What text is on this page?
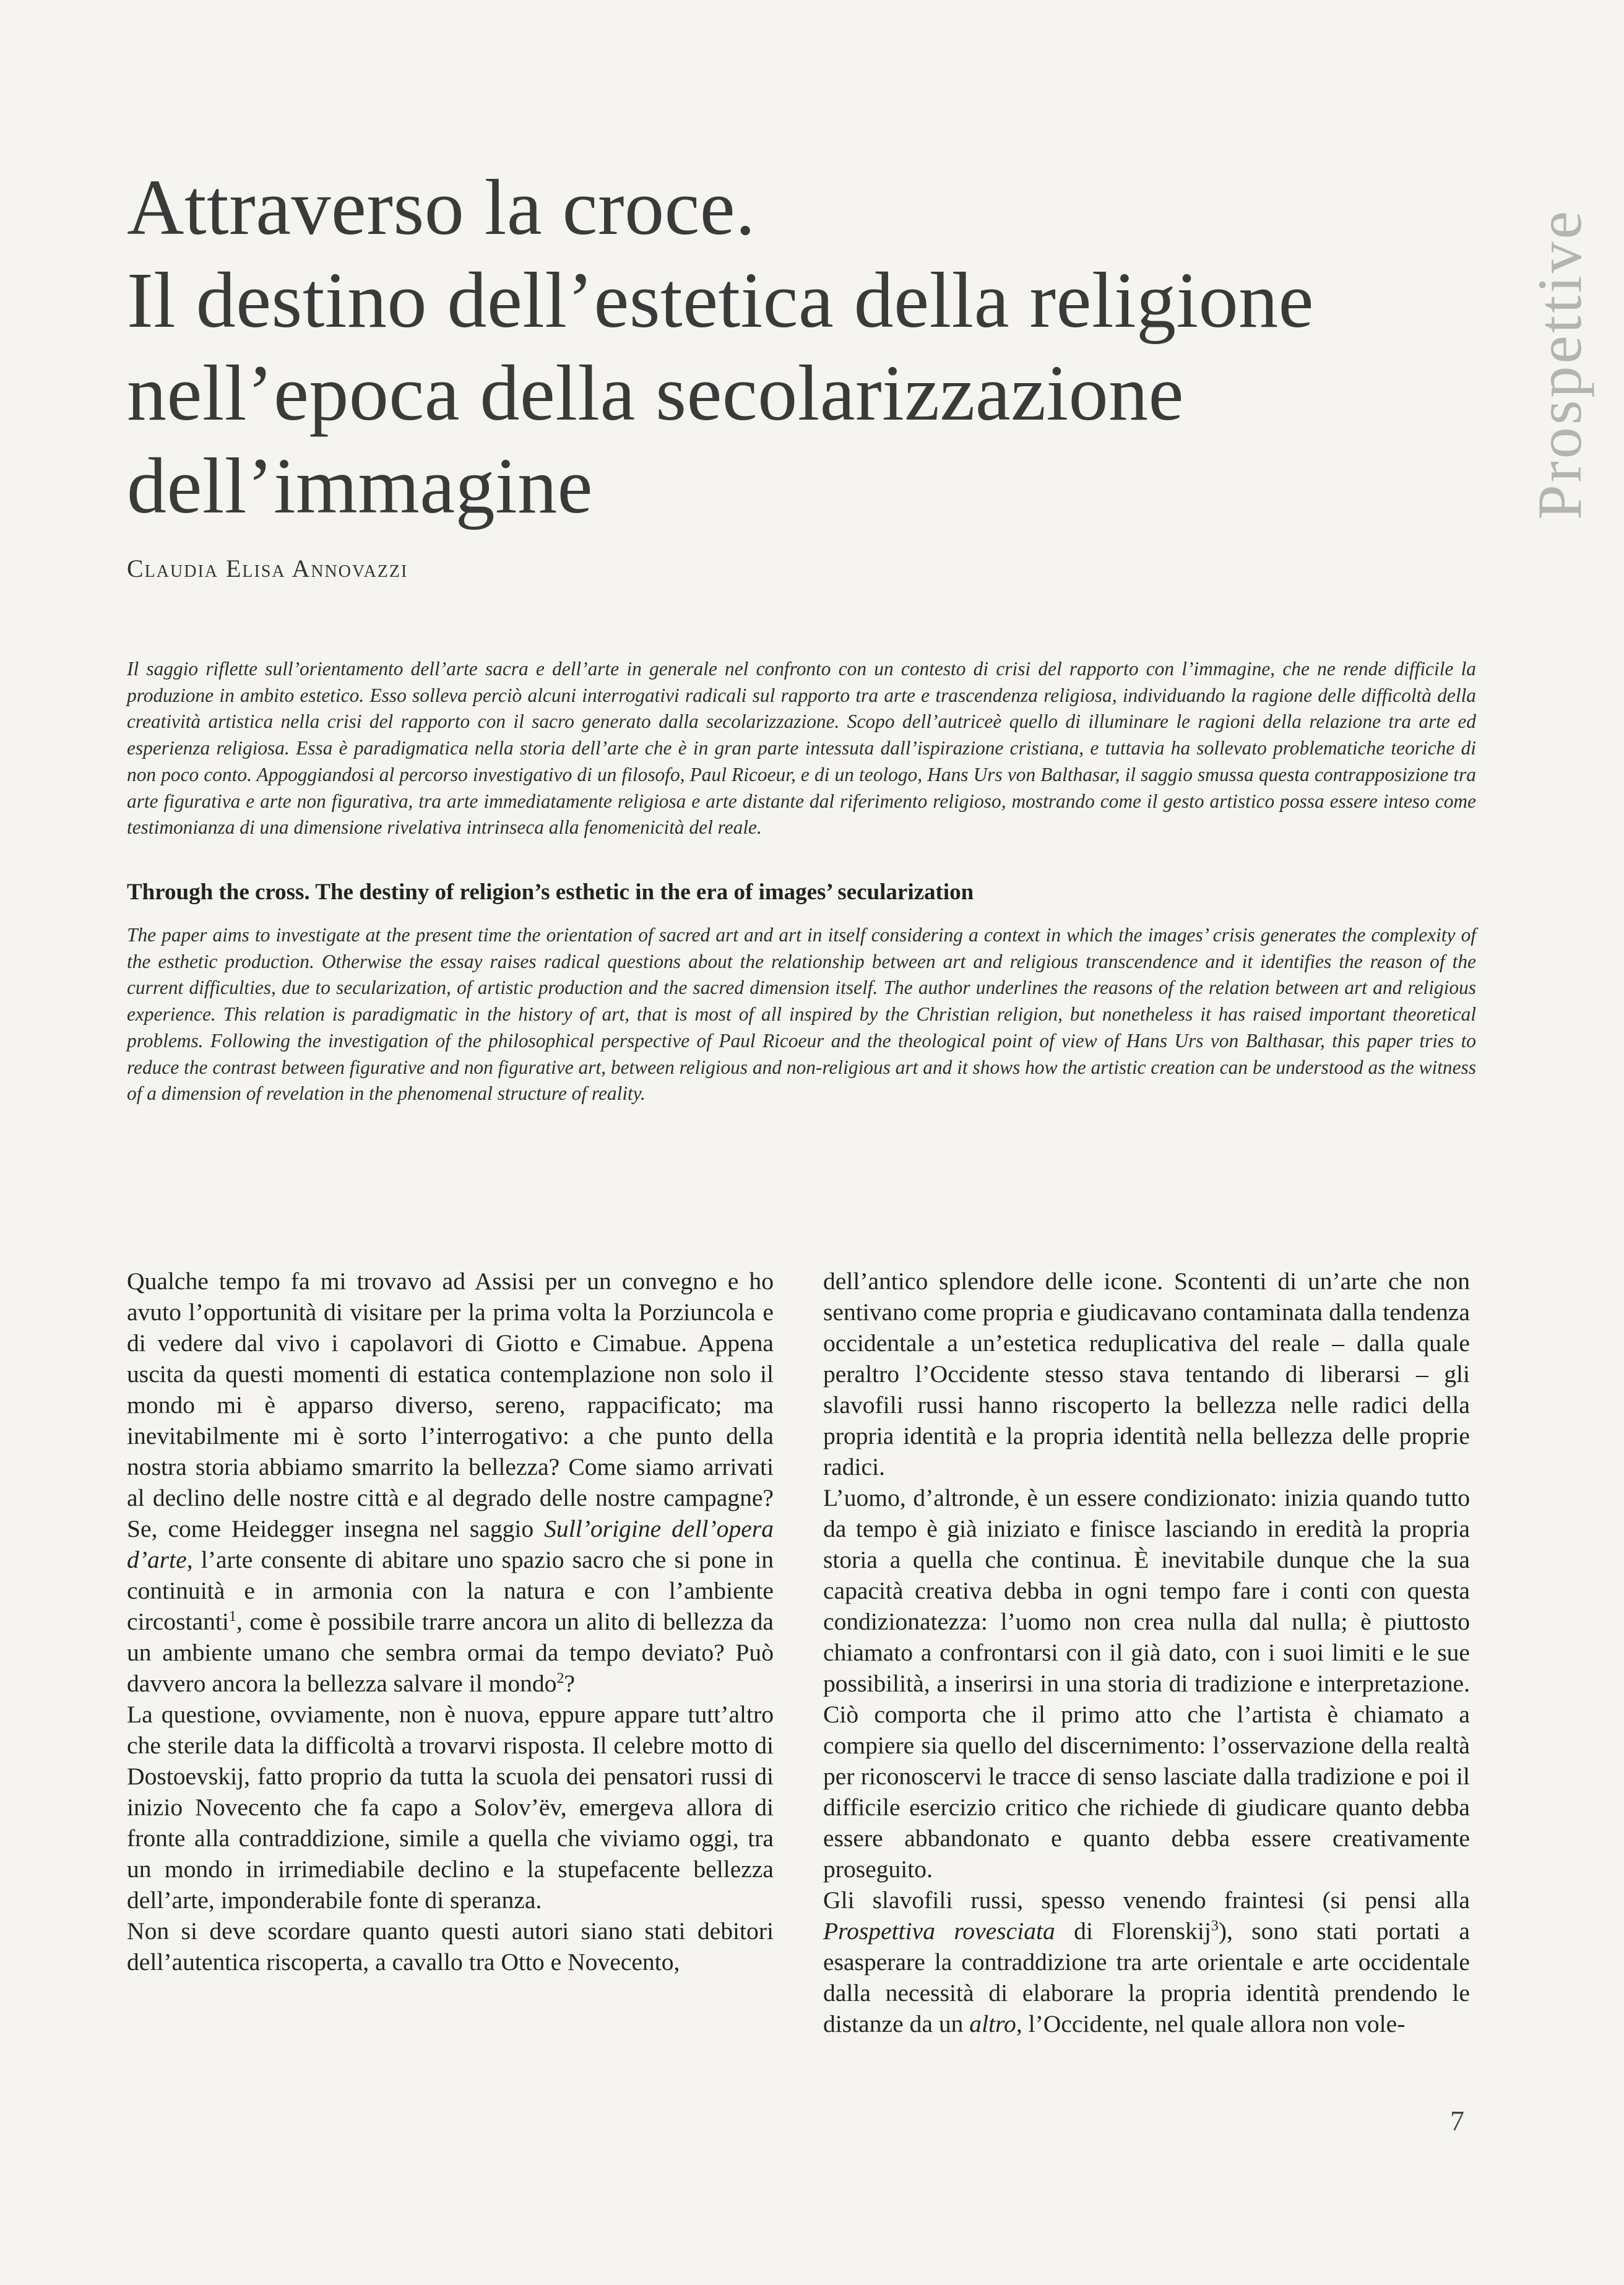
Attraverso la croce.
Il destino dell’estetica della religione
nell’epoca della secolarizzazione
dell’immagine	Prospettive

Claudia Elisa Annovazzi

Il saggio riflette sull’orientamento dell’arte sacra e dell’arte in generale nel confronto con un contesto di crisi del rapporto con l’immagine, che ne rende difficile la produzione in ambito estetico. Esso solleva perciò alcuni interrogativi radicali sul rapporto tra arte e trascendenza religiosa, individuando la ragione delle difficoltà della creatività artistica nella crisi del rapporto con il sacro generato dalla secolarizzazione. Scopo dell’autriceè quello di illuminare le ragioni della relazione tra arte ed esperienza religiosa. Essa è paradigmatica nella storia dell’arte che è in gran parte intessuta dall’ispirazione cristiana, e tuttavia ha sollevato problematiche teoriche di non poco conto. Appoggiandosi al percorso investigativo di un filosofo, Paul Ricoeur, e di un teologo, Hans Urs von Balthasar, il saggio smussa questa contrapposizione tra arte figurativa e arte non figurativa, tra arte immediatamente religiosa e arte distante dal riferimento religioso, mostrando come il gesto artistico possa essere inteso come testimonianza di una dimensione rivelativa intrinseca alla fenomenicità del reale.

Through the cross. The destiny of religion’s esthetic in the era of images’ secularization

The paper aims to investigate at the present time the orientation of sacred art and art in itself considering a context in which the images’ crisis generates the complexity of the esthetic production. Otherwise the essay raises radical questions about the relationship between art and religious transcendence and it identifies the reason of the current difficulties, due to secularization, of artistic production and the sacred dimension itself. The author underlines the reasons of the relation between art and religious experience. This relation is paradigmatic in the history of art, that is most of all inspired by the Christian religion, but nonetheless it has raised important theoretical problems. Following the investigation of the philosophical perspective of Paul Ricoeur and the theological point of view of Hans Urs von Balthasar, this paper tries to reduce the contrast between figurative and non figurative art, between religious and non-religious art and it shows how the artistic creation can be understood as the witness of a dimension of revelation in the phenomenal structure of reality.

Qualche tempo fa mi trovavo ad Assisi per un convegno e ho avuto l’opportunità di visitare per la prima volta la Porziuncola e di vedere dal vivo i capolavori di Giotto e Cimabue. Appena uscita da questi momenti di estatica contemplazione non solo il mondo mi è apparso diverso, sereno, rappacificato; ma inevitabilmente mi è sorto l’interrogativo: a che punto della nostra storia abbiamo smarrito la bellezza? Come siamo arrivati al declino delle nostre città e al degrado delle nostre campagne? Se, come Heidegger insegna nel saggio Sull’origine dell’opera d’arte, l’arte consente di abitare uno spazio sacro che si pone in continuità e in armonia con la natura e con l’ambiente circostanti$^1$, come è possibile trarre ancora un alito di bellezza da un ambiente umano che sembra ormai da tempo deviato? Può davvero ancora la bellezza salvare il mondo$^2$?

La questione, ovviamente, non è nuova, eppure appare tutt’altro che sterile data la difficoltà a trovarvi risposta. Il celebre motto di Dostoevskij, fatto proprio da tutta la scuola dei pensatori russi di inizio Novecento che fa capo a Solov’ëv, emergeva allora di fronte alla contraddizione, simile a quella che viviamo oggi, tra un mondo in irrimediabile declino e la stupefacente bellezza dell’arte, imponderabile fonte di speranza.

Non si deve scordare quanto questi autori siano stati debitori dell’autentica riscoperta, a cavallo tra Otto e Novecento,

dell’antico splendore delle icone. Scontenti di un’arte che non sentivano come propria e giudicavano contaminata dalla tendenza occidentale a un’estetica reduplicativa del reale – dalla quale peraltro l’Occidente stesso stava tentando di liberarsi – gli slavofili russi hanno riscoperto la bellezza nelle radici della propria identità e la propria identità nella bellezza delle proprie radici.

L’uomo, d’altronde, è un essere condizionato: inizia quando tutto da tempo è già iniziato e finisce lasciando in eredità la propria storia a quella che continua. È inevitabile dunque che la sua capacità creativa debba in ogni tempo fare i conti con questa condizionatezza: l’uomo non crea nulla dal nulla; è piuttosto chiamato a confrontarsi con il già dato, con i suoi limiti e le sue possibilità, a inserirsi in una storia di tradizione e interpretazione. Ciò comporta che il primo atto che l’artista è chiamato a compiere sia quello del discernimento: l’osservazione della realtà per riconoscervi le tracce di senso lasciate dalla tradizione e poi il difficile esercizio critico che richiede di giudicare quanto debba essere abbandonato e quanto debba essere creativamente proseguito.

Gli slavofili russi, spesso venendo fraintesi (si pensi alla Prospettiva rovesciata di Florenskij$^3$), sono stati portati a esasperare la contraddizione tra arte orientale e arte occidentale dalla necessità di elaborare la propria identità prendendo le distanze da un altro, l’Occidente, nel quale allora non vole-

7
